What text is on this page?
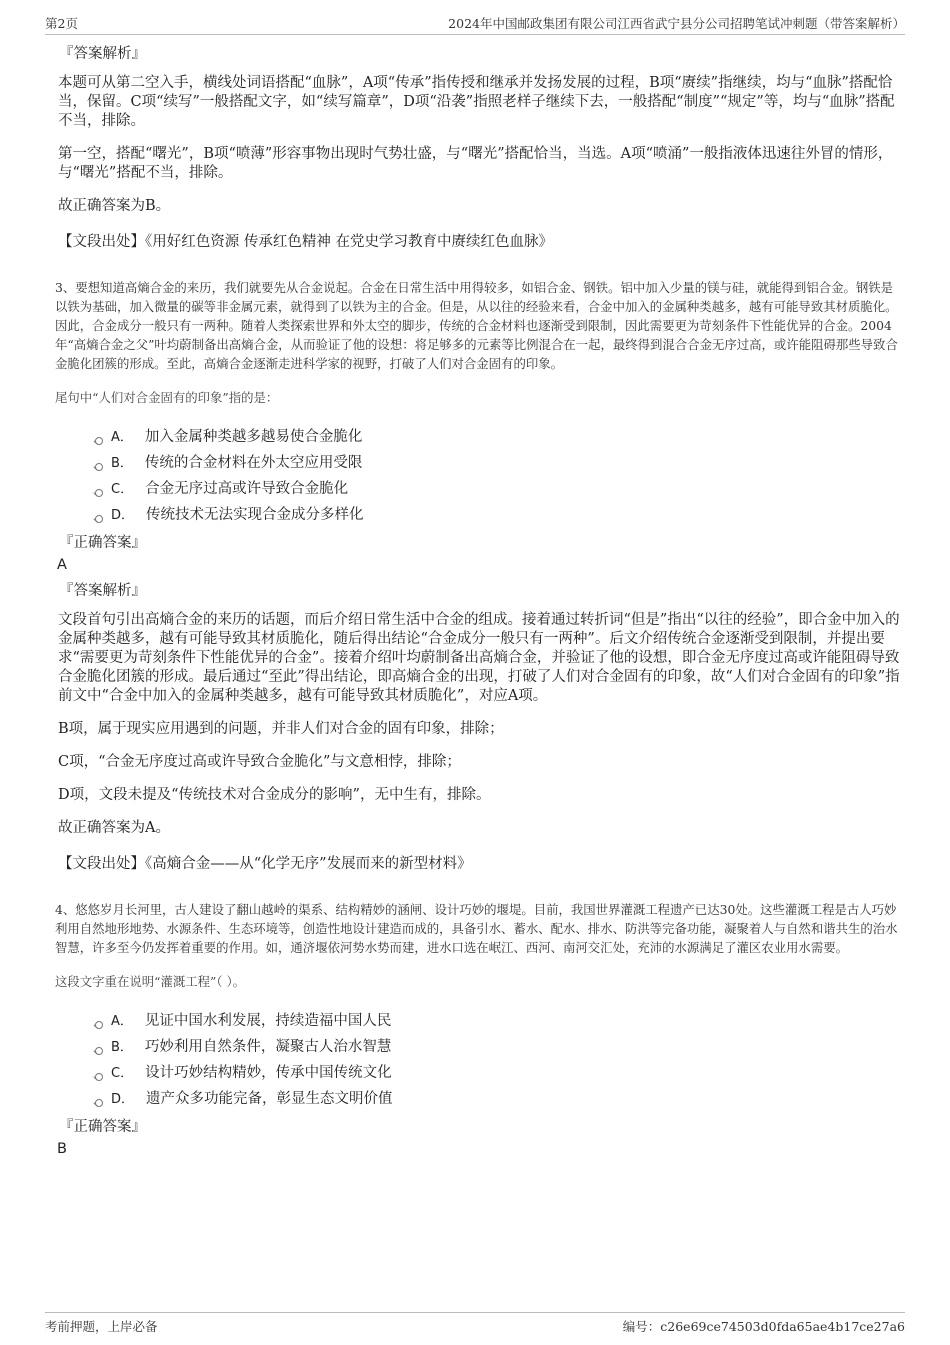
第2页	2024年中国邮政集团有限公司江西省武宁县分公司招聘笔试冲刺题（带答案解析）
『答案解析』
本题可从第二空入手，横线处词语搭配“血脉”，A项“传承”指传授和继承并发扬发展的过程，B项“赓续”指继续，均与“血脉”搭配恰当，保留。C项“续写”一般搭配文字，如“续写篇章”，D项“沿袭”指照老样子继续下去，一般搭配“制度”“规定”等，均与“血脉”搭配不当，排除。
第一空，搭配“曙光”，B项“喷薄”形容事物出现时气势壮盛，与“曙光”搭配恰当，当选。A项“喷涌”一般指液体迅速往外冒的情形，与“曙光”搭配不当，排除。
故正确答案为B。
【文段出处】《用好红色资源 传承红色精神 在党史学习教育中赓续红色血脉》
3、要想知道高熵合金的来历，我们就要先从合金说起。合金在日常生活中用得较多，如铝合金、钢铁。铝中加入少量的镁与硅，就能得到铝合金。钢铁是以铁为基础，加入微量的碳等非金属元素，就得到了以铁为主的合金。但是，从以往的经验来看，合金中加入的金属种类越多，越有可能导致其材质脆化。因此，合金成分一般只有一两种。随着人类探索世界和外太空的脚步，传统的合金材料也逐渐受到限制，因此需要更为苛刻条件下性能优异的合金。2004年“高熵合金之父”叶均蔚制备出高熵合金，从而验证了他的设想：将足够多的元素等比例混合在一起，最终得到混合合金无序过高，或许能阻碍那些导致合金脆化团簇的形成。至此，高熵合金逐渐走进科学家的视野，打破了人们对合金固有的印象。
尾句中“人们对合金固有的印象”指的是：
A． 加入金属种类越多越易使合金脆化
B． 传统的合金材料在外太空应用受限
C． 合金无序过高或许导致合金脆化
D． 传统技术无法实现合金成分多样化
『正确答案』
A
『答案解析』
文段首句引出高熵合金的来历的话题，而后介绍日常生活中合金的组成。接着通过转折词“但是”指出“以往的经验”，即合金中加入的金属种类越多，越有可能导致其材质脆化，随后得出结论“合金成分一般只有一两种”。后文介绍传统合金逐渐受到限制，并提出要求“需要更为苛刻条件下性能优异的合金”。接着介绍叶均蔚制备出高熵合金，并验证了他的设想，即合金无序度过高或许能阻碍导致合金脆化团簇的形成。最后通过“至此”得出结论，即高熵合金的出现，打破了人们对合金固有的印象，故“人们对合金固有的印象”指前文中“合金中加入的金属种类越多，越有可能导致其材质脆化”，对应A项。
B项，属于现实应用遇到的问题，并非人们对合金的固有印象，排除；
C项，“合金无序度过高或许导致合金脆化”与文意相悖，排除；
D项，文段未提及“传统技术对合金成分的影响”，无中生有，排除。
故正确答案为A。
【文段出处】《高熵合金——从“化学无序”发展而来的新型材料》
4、悠悠岁月长河里，古人建设了翻山越岭的渠系、结构精妙的涵闸、设计巧妙的堰堤。目前，我国世界灌溉工程遗产已达30处。这些灌溉工程是古人巧妙利用自然地形地势、水源条件、生态环境等，创造性地设计建造而成的，具备引水、蓄水、配水、排水、防洪等完备功能，凝聚着人与自然和谐共生的治水智慧，许多至今仍发挥着重要的作用。如，通济堰依河势水势而建，进水口选在岷江、西河、南河交汇处，充沛的水源满足了灌区农业用水需要。
这段文字重在说明“灌溉工程”（ ）。
A． 见证中国水利发展，持续造福中国人民
B． 巧妙利用自然条件，凝聚古人治水智慧
C． 设计巧妙结构精妙，传承中国传统文化
D． 遗产众多功能完备，彰显生态文明价值
『正确答案』
B
考前押题，上岸必备	编号：c26e69ce74503d0fda65ae4b17ce27a6
